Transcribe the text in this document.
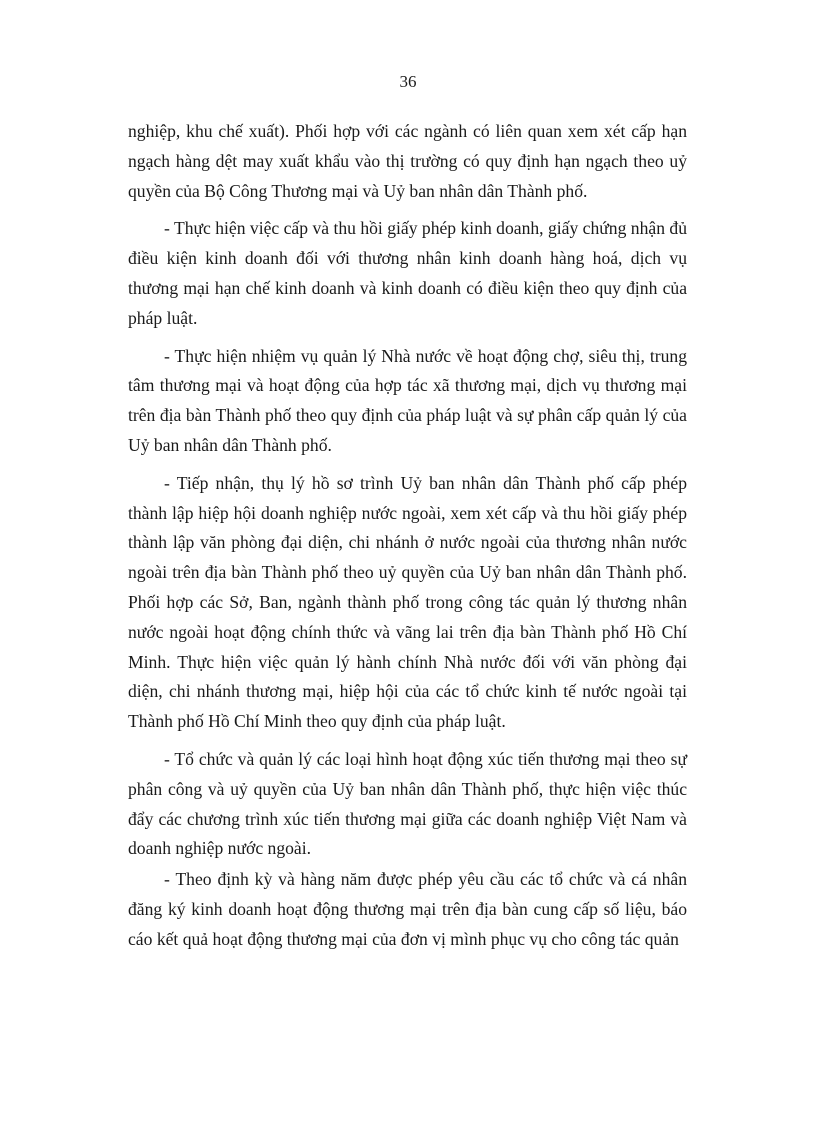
36

nghiệp, khu chế xuất). Phối hợp với các ngành có liên quan xem xét cấp hạn ngạch hàng dệt may xuất khẩu vào thị trường có quy định hạn ngạch theo uỷ quyền của Bộ Công Thương mại và Uỷ ban nhân dân Thành phố.

- Thực hiện việc cấp và thu hồi giấy phép kinh doanh, giấy chứng nhận đủ điều kiện kinh doanh đối với thương nhân kinh doanh hàng hoá, dịch vụ thương mại hạn chế kinh doanh và kinh doanh có điều kiện theo quy định của pháp luật.

- Thực hiện nhiệm vụ quản lý Nhà nước về hoạt động chợ, siêu thị, trung tâm thương mại và hoạt động của hợp tác xã thương mại, dịch vụ thương mại trên địa bàn Thành phố theo quy định của pháp luật và sự phân cấp quản lý của Uỷ ban nhân dân Thành phố.

- Tiếp nhận, thụ lý hồ sơ trình Uỷ ban nhân dân Thành phố cấp phép thành lập hiệp hội doanh nghiệp nước ngoài, xem xét cấp và thu hồi giấy phép thành lập văn phòng đại diện, chi nhánh ở nước ngoài của thương nhân nước ngoài trên địa bàn Thành phố theo uỷ quyền của Uỷ ban nhân dân Thành phố. Phối hợp các Sở, Ban, ngành thành phố trong công tác quản lý thương nhân nước ngoài hoạt động chính thức và vãng lai trên địa bàn Thành phố Hồ Chí Minh. Thực hiện việc quản lý hành chính Nhà nước đối với văn phòng đại diện, chi nhánh thương mại, hiệp hội của các tổ chức kinh tế nước ngoài tại Thành phố Hồ Chí Minh theo quy định của pháp luật.

- Tổ chức và quản lý các loại hình hoạt động xúc tiến thương mại theo sự phân công và uỷ quyền của Uỷ ban nhân dân Thành phố, thực hiện việc thúc đẩy các chương trình xúc tiến thương mại giữa các doanh nghiệp Việt Nam và doanh nghiệp nước ngoài.

- Theo định kỳ và hàng năm được phép yêu cầu các tổ chức và cá nhân đăng ký kinh doanh hoạt động thương mại trên địa bàn cung cấp số liệu, báo cáo kết quả hoạt động thương mại của đơn vị mình phục vụ cho công tác quản
